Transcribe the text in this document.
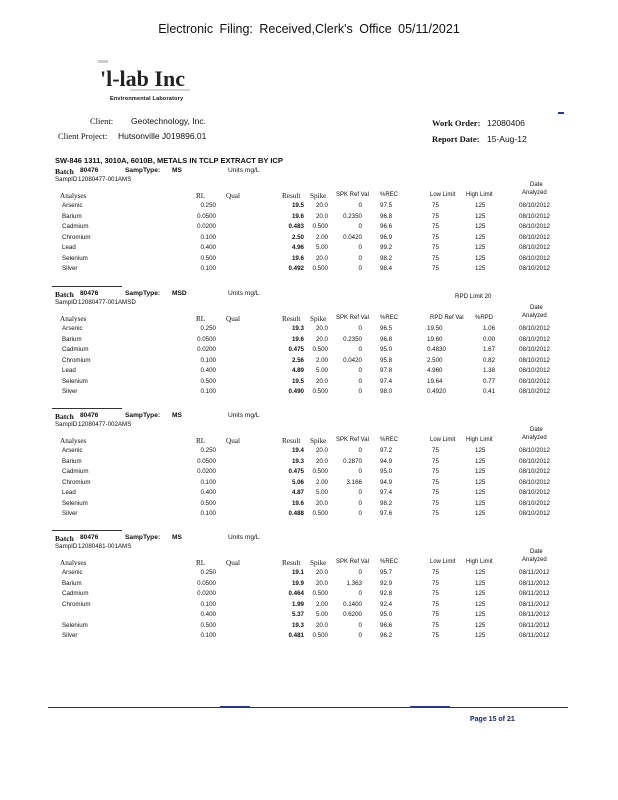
Electronic Filing: Received,Clerk's Office 05/11/2021
'l-lab Inc
Environmental Laboratory
Client: Geotechnology, Inc.
Client Project: Hutsonville J019896.01
Work Order: 12080406
Report Date: 15-Aug-12
SW-846 1311, 3010A, 6010B, METALS IN TCLP EXTRACT BY ICP
Batch 80476	SampType: MS	Units mg/L
SampID 12080477-001AMS
Analyses	RL	Qual	Result Spike SPK Ref Val %REC	Low Limit High Limit
Date
Analyzed
Arsenic	0.250	19.5	20.0	0	97.5	75	125	08/10/2012
Barium	0.0500	19.6	20.0	0.2350	96.8	75	125	08/10/2012
Cadmium	0.0200	0.483	0.500	0	96.6	75	125	08/10/2012
Chromium	0.100	2.50	2.00	0.0420	96.9	75	125	08/10/2012
Lead	0.400	4.96	5.00	0	99.2	75	125	08/10/2012
Selenium	0.500	19.6	20.0	0	98.2	75	125	08/10/2012
Silver	0.100	0.492	0.500	0	98.4	75	125	08/10/2012
Batch 80476	SampType: MSD	Units mg/L
SampID 12080477-001AMSD
RPD Limit 20
Analyses	RL	Qual	Result Spike SPK Ref Val %REC	RPD Ref Val %RPD
Date
Analyzed
Arsenic	0.250	19.3	20.0	0	96.5	19.50	1.06	08/10/2012
Barium	0.0500	19.6	20.0	0.2350	96.8	19.60	0.00	08/10/2012
Cadmium	0.0200	0.475	0.500	0	95.0	0.4830	1.67	08/10/2012
Chromium	0.100	2.56	2.00	0.0420	95.8	2.500	0.82	08/10/2012
Lead	0.400	4.89	5.00	0	97.8	4.960	1.38	08/10/2012
Selenium	0.500	19.5	20.0	0	97.4	19.64	0.77	08/10/2012
Silver	0.100	0.490	0.500	0	98.0	0.4920	0.41	08/10/2012
Batch 80476	SampType: MS	Units mg/L
SampID 12080477-002AMS
Analyses	RL	Qual	Result Spike SPK Ref Val %REC	Low Limit High Limit
Date
Analyzed
Arsenic	0.250	19.4	20.0	0	97.2	75	125	08/10/2012
Barium	0.0500	19.3	20.0	0.2870	94.9	75	125	08/10/2012
Cadmium	0.0200	0.475	0.500	0	95.0	75	125	08/10/2012
Chromium	0.100	5.06	2.00	3.166	94.9	75	125	08/10/2012
Lead	0.400	4.87	5.00	0	97.4	75	125	08/10/2012
Selenium	0.500	19.6	20.0	0	98.2	75	125	08/10/2012
Silver	0.100	0.488	0.500	0	97.6	75	125	08/10/2012
Batch 80476	SampType: MS	Units mg/L
SampID 12080481-001AMS
Analyses	RL	Qual	Result Spike SPK Ref Val %REC	Low Limit High Limit
Date
Analyzed
Arsenic	0.250	19.1	20.0	0	95.7	75	125	08/11/2012
Barium	0.0500	19.9	20.0	1.363	92.9	75	125	08/11/2012
Cadmium	0.0200	0.464	0.500	0	92.8	75	125	08/11/2012
Chromium	0.100	1.99	2.00	0.1400	92.4	75	125	08/11/2012
0.400	5.37	5.00	0.6200	95.0	75	125	08/11/2012
Selenium	0.500	19.3	20.0	0	96.6	75	125	08/11/2012
Silver	0.100	0.481	0.500	0	96.2	75	125	08/11/2012
Page 15 of 21
